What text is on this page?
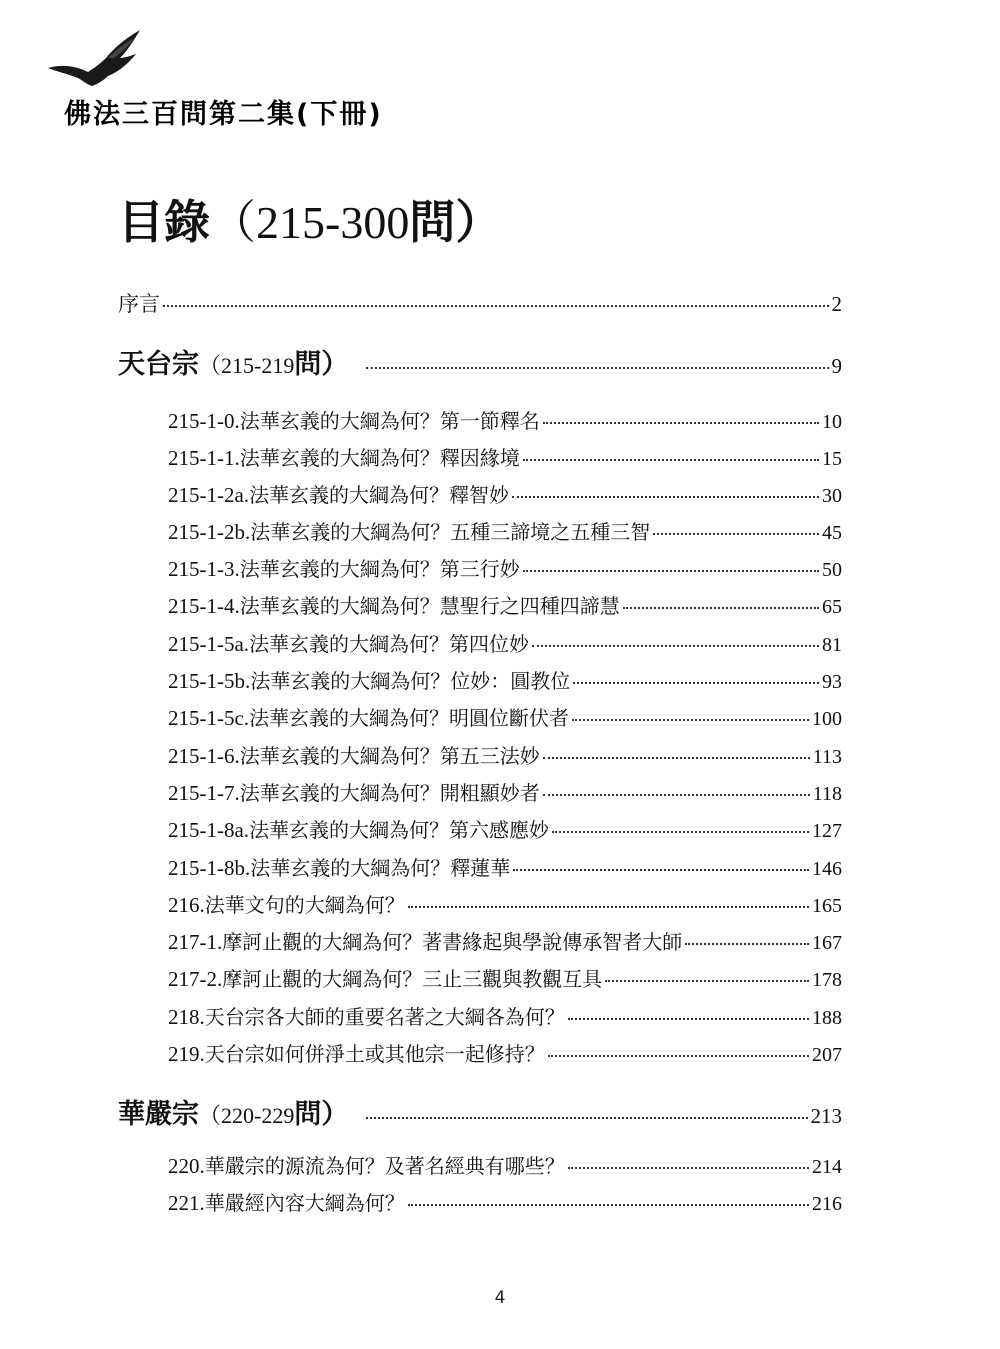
佛法三百問第二集(下冊)
目錄（215-300問）
序言	2
天台宗（215-219問）	9
215-1-0.法華玄義的大綱為何？第一節釋名	10
215-1-1.法華玄義的大綱為何？釋因緣境	15
215-1-2a.法華玄義的大綱為何？釋智妙	30
215-1-2b.法華玄義的大綱為何？五種三諦境之五種三智	45
215-1-3.法華玄義的大綱為何？第三行妙	50
215-1-4.法華玄義的大綱為何？慧聖行之四種四諦慧	65
215-1-5a.法華玄義的大綱為何？第四位妙	81
215-1-5b.法華玄義的大綱為何？位妙：圓教位	93
215-1-5c.法華玄義的大綱為何？明圓位斷伏者	100
215-1-6.法華玄義的大綱為何？第五三法妙	113
215-1-7.法華玄義的大綱為何？開粗顯妙者	118
215-1-8a.法華玄義的大綱為何？第六感應妙	127
215-1-8b.法華玄義的大綱為何？釋蓮華	146
216.法華文句的大綱為何？	165
217-1.摩訶止觀的大綱為何？著書緣起與學說傳承智者大師	167
217-2.摩訶止觀的大綱為何？三止三觀與教觀互具	178
218.天台宗各大師的重要名著之大綱各為何？	188
219.天台宗如何併淨土或其他宗一起修持？	207
華嚴宗（220-229問）	213
220.華嚴宗的源流為何？及著名經典有哪些？	214
221.華嚴經內容大綱為何？	216
4
